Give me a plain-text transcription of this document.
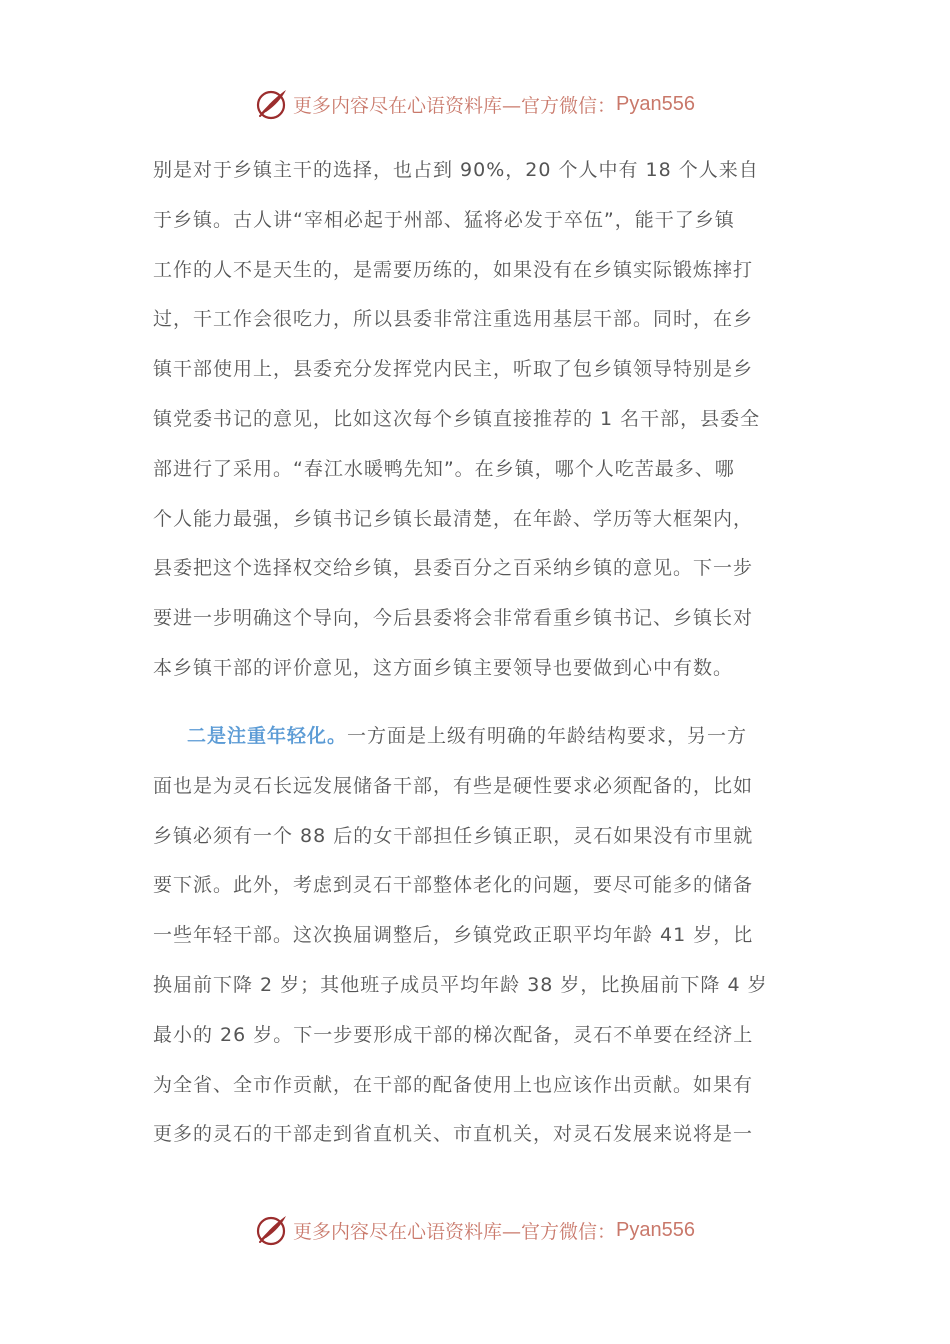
更多内容尽在心语资料库—官方微信： Pyan556
别是对于乡镇主干的选择，也占到 90%，20 个人中有 18 个人来自
于乡镇。古人讲“宰相必起于州部、猛将必发于卒伍”，能干了乡镇
工作的人不是天生的，是需要历练的，如果没有在乡镇实际锻炼摔打
过，干工作会很吃力，所以县委非常注重选用基层干部。同时，在乡
镇干部使用上，县委充分发挥党内民主，听取了包乡镇领导特别是乡
镇党委书记的意见，比如这次每个乡镇直接推荐的 1 名干部，县委全
部进行了采用。“春江水暖鸭先知”。在乡镇，哪个人吃苦最多、哪
个人能力最强，乡镇书记乡镇长最清楚，在年龄、学历等大框架内，
县委把这个选择权交给乡镇，县委百分之百采纳乡镇的意见。下一步
要进一步明确这个导向，今后县委将会非常看重乡镇书记、乡镇长对
本乡镇干部的评价意见，这方面乡镇主要领导也要做到心中有数。
二是注重年轻化。一方面是上级有明确的年龄结构要求，另一方
面也是为灵石长远发展储备干部，有些是硬性要求必须配备的，比如
乡镇必须有一个 88 后的女干部担任乡镇正职，灵石如果没有市里就
要下派。此外，考虑到灵石干部整体老化的问题，要尽可能多的储备
一些年轻干部。这次换届调整后，乡镇党政正职平均年龄 41 岁，比
换届前下降 2 岁；其他班子成员平均年龄 38 岁，比换届前下降 4 岁
最小的 26 岁。下一步要形成干部的梯次配备，灵石不单要在经济上
为全省、全市作贡献，在干部的配备使用上也应该作出贡献。如果有
更多的灵石的干部走到省直机关、市直机关，对灵石发展来说将是一
更多内容尽在心语资料库—官方微信： Pyan556
